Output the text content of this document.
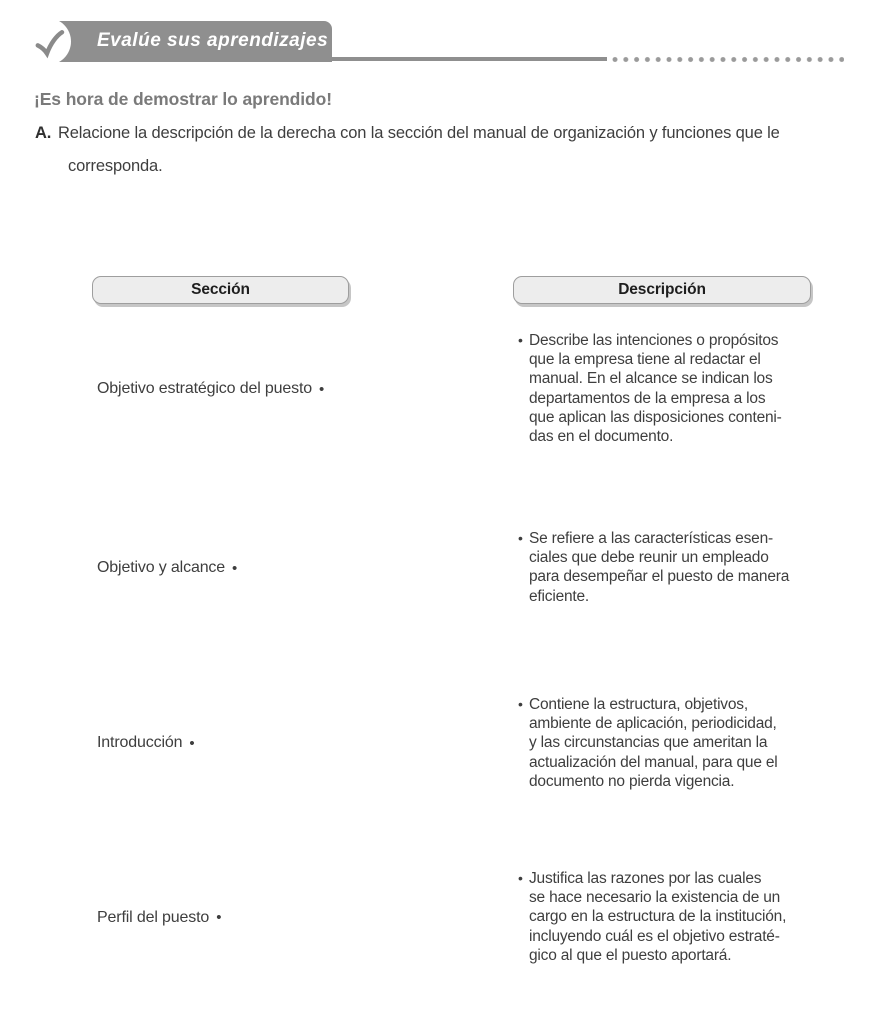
Evalúe sus aprendizajes
¡Es hora de demostrar lo aprendido!
A. Relacione la descripción de la derecha con la sección del manual de organización y funciones que le
corresponda.
Sección	Descripción
Objetivo estratégico del puesto •
• Describe las intenciones o propósitos
que la empresa tiene al redactar el
manual. En el alcance se indican los
departamentos de la empresa a los
que aplican las disposiciones conteni-
das en el documento.
Objetivo y alcance •
• Se refiere a las características esen-
ciales que debe reunir un empleado
para desempeñar el puesto de manera
eficiente.
Introducción •
• Contiene la estructura, objetivos,
ambiente de aplicación, periodicidad,
y las circunstancias que ameritan la
actualización del manual, para que el
documento no pierda vigencia.
Perfil del puesto •
• Justifica las razones por las cuales
se hace necesario la existencia de un
cargo en la estructura de la institución,
incluyendo cuál es el objetivo estraté-
gico al que el puesto aportará.
